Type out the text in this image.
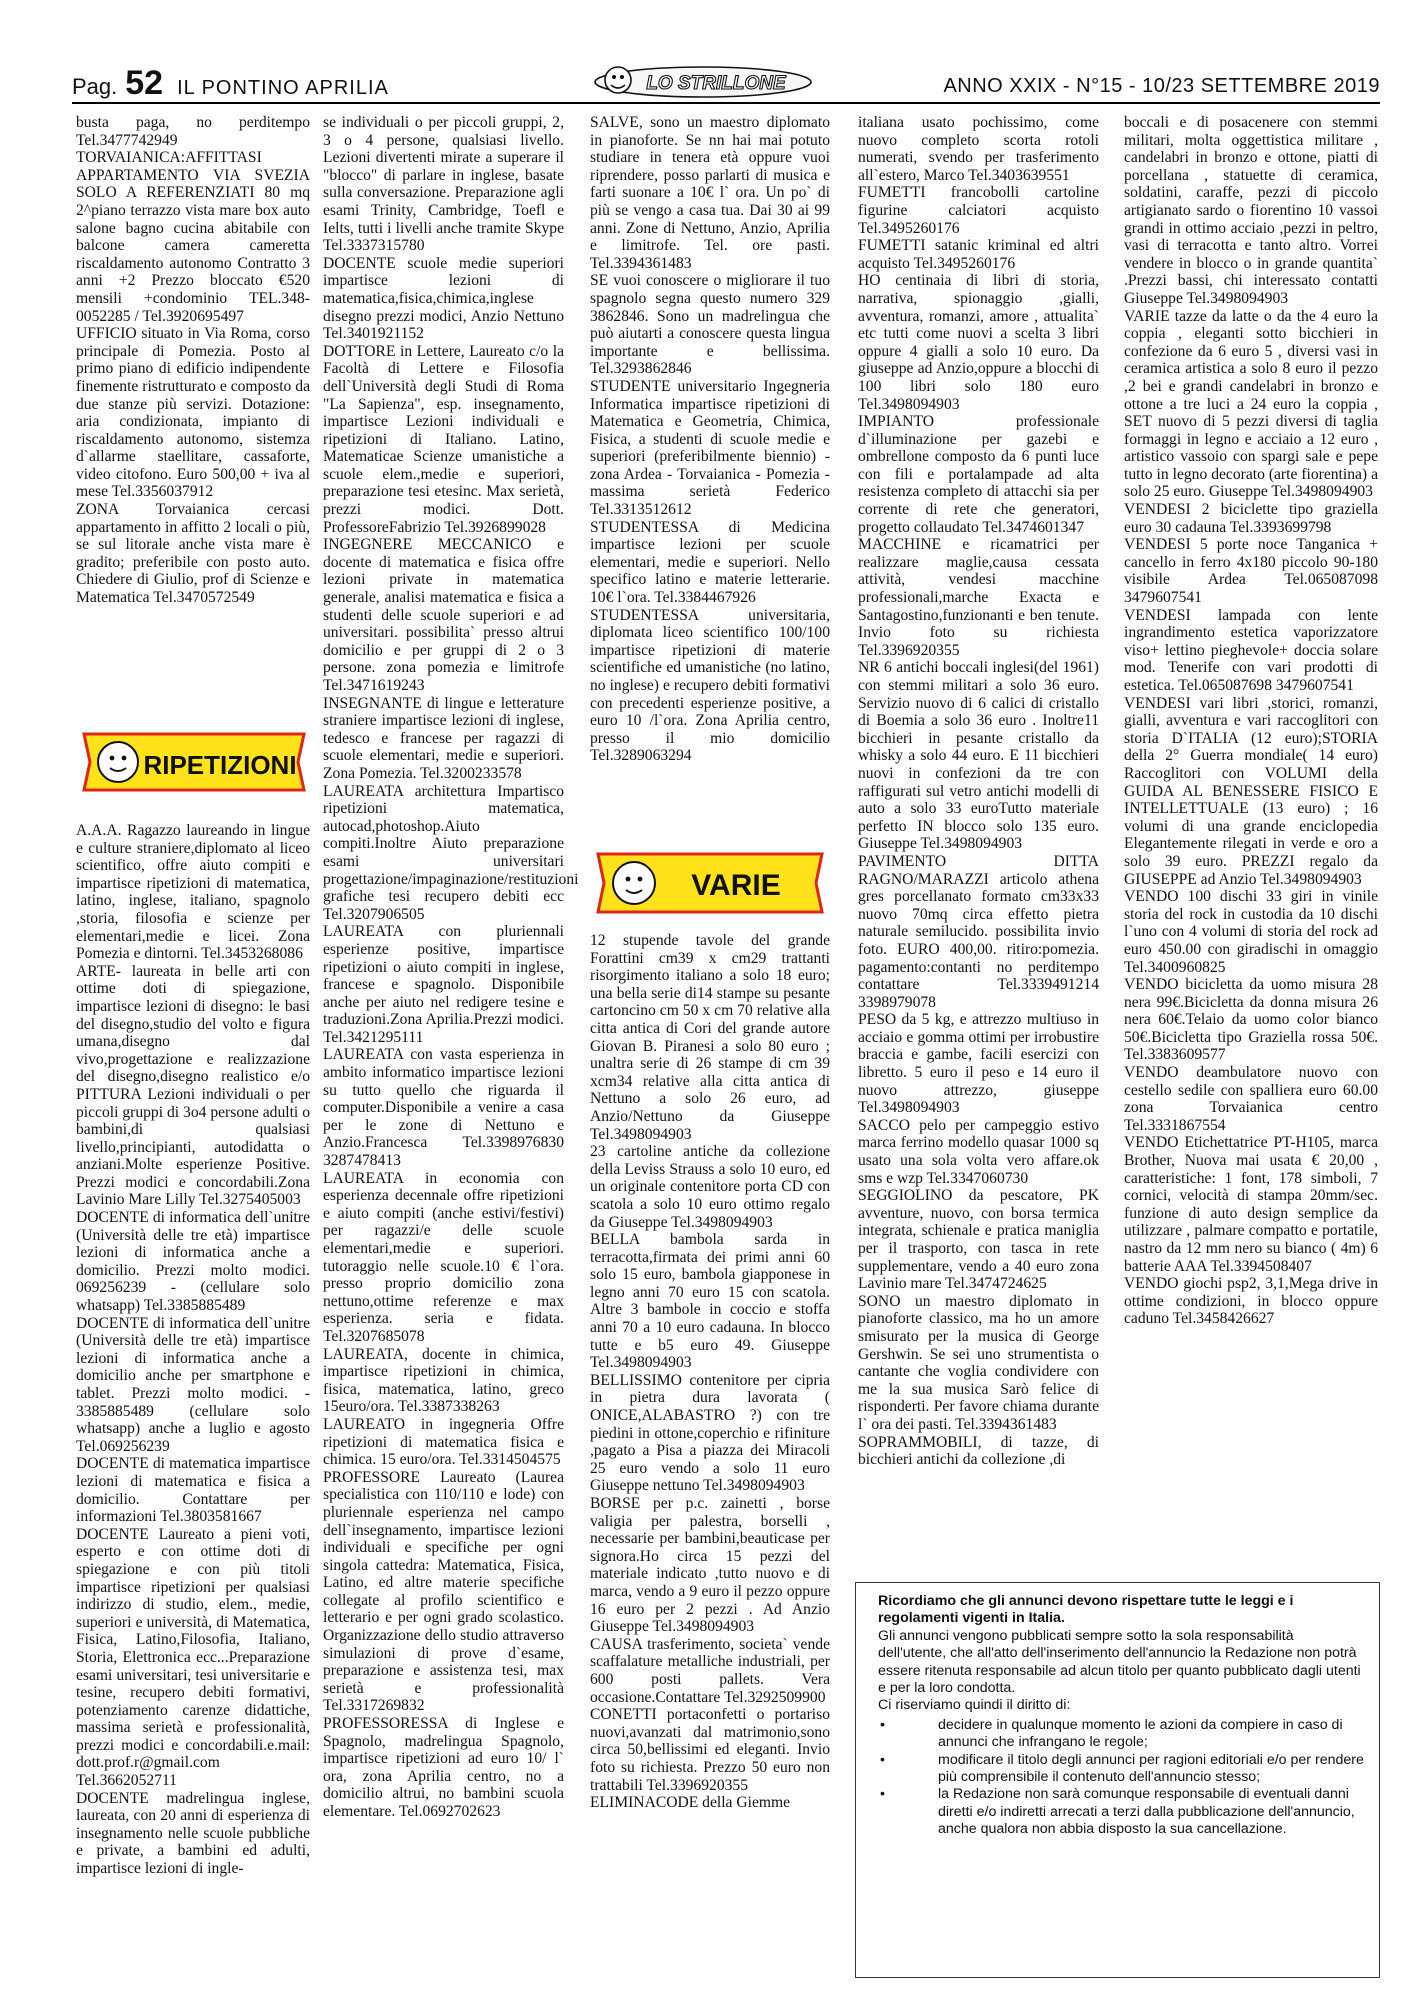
Pag. 52 IL PONTINO APRILIA	ANNO XXIX - N°15 - 10/23 SETTEMBRE 2019
LO STRILLONE

busta paga, no perditempo Tel.3477742949

TORVAIANICA:AFFITTASI APPARTAMENTO VIA SVEZIA SOLO A REFERENZIATI 80 mq 2^piano terrazzo vista mare box auto salone bagno cucina abitabile con balcone camera cameretta riscaldamento autonomo Contratto 3 anni +2 Prezzo bloccato €520 mensili +condominio TEL.348-0052285 / Tel.3920695497

UFFICIO situato in Via Roma, corso principale di Pomezia. Posto al primo piano di edificio indipendente finemente ristrutturato e composto da due stanze più servizi. Dotazione: aria condizionata, impianto di riscaldamento autonomo, sistemza d`allarme staellitare, cassaforte, video citofono. Euro 500,00 + iva al mese Tel.3356037912

ZONA Torvaianica cercasi appartamento in affitto 2 locali o più, se sul litorale anche vista mare è gradito; preferibile con posto auto. Chiedere di Giulio, prof di Scienze e Matematica Tel.3470572549

RIPETIZIONI

A.A.A. Ragazzo laureando in lingue e culture straniere,diplomato al liceo scientifico, offre aiuto compiti e impartisce ripetizioni di matematica, latino, inglese, italiano, spagnolo ,storia, filosofia e scienze per elementari,medie e licei. Zona Pomezia e dintorni. Tel.3453268086

ARTE- laureata in belle arti con ottime doti di spiegazione, impartisce lezioni di disegno: le basi del disegno,studio del volto e figura umana,disegno dal vivo,progettazione e realizzazione del disegno,disegno realistico e/o PITTURA Lezioni individuali o per piccoli gruppi di 3o4 persone adulti o bambini,di qualsiasi livello,principianti, autodidatta o anziani.Molte esperienze Positive. Prezzi modici e concordabili.Zona Lavinio Mare Lilly Tel.3275405003

DOCENTE di informatica dell`unitre (Università delle tre età) impartisce lezioni di informatica anche a domicilio. Prezzi molto modici. 069256239 - (cellulare solo whatsapp) Tel.3385885489

DOCENTE di informatica dell`unitre (Università delle tre età) impartisce lezioni di informatica anche a domicilio anche per smartphone e tablet. Prezzi molto modici. - 3385885489 (cellulare solo whatsapp) anche a luglio e agosto Tel.069256239

DOCENTE di matematica impartisce lezioni di matematica e fisica a domicilio. Contattare per informazioni Tel.3803581667

DOCENTE Laureato a pieni voti, esperto e con ottime doti di spiegazione e con più titoli impartisce ripetizioni per qualsiasi indirizzo di studio, elem., medie, superiori e università, di Matematica, Fisica, Latino,Filosofia, Italiano, Storia, Elettronica ecc...Preparazione esami universitari, tesi universitarie e tesine, recupero debiti formativi, potenziamento carenze didattiche, massima serietà e professionalità, prezzi modici e concordabili.e.mail: dott.prof.r@gmail.com Tel.3662052711

DOCENTE madrelingua inglese, laureata, con 20 anni di esperienza di insegnamento nelle scuole pubbliche e private, a bambini ed adulti, impartisce lezioni di ingle-

se individuali o per piccoli gruppi, 2, 3 o 4 persone, qualsiasi livello. Lezioni divertenti mirate a superare il "blocco" di parlare in inglese, basate sulla conversazione. Preparazione agli esami Trinity, Cambridge, Toefl e Ielts, tutti i livelli anche tramite Skype Tel.3337315780

DOCENTE scuole medie superiori impartisce lezioni di matematica,fisica,chimica,inglese disegno prezzi modici, Anzio Nettuno Tel.3401921152

DOTTORE in Lettere, Laureato c/o la Facoltà di Lettere e Filosofia dell`Università degli Studi di Roma "La Sapienza", esp. insegnamento, impartisce Lezioni individuali e ripetizioni di Italiano. Latino, Matematicae Scienze umanistiche a scuole elem.,medie e superiori, preparazione tesi etesinc. Max serietà, prezzi modici. Dott. ProfessoreFabrizio Tel.3926899028

INGEGNERE MECCANICO e docente di matematica e fisica offre lezioni private in matematica generale, analisi matematica e fisica a studenti delle scuole superiori e ad universitari. possibilita` presso altrui domicilio e per gruppi di 2 o 3 persone. zona pomezia e limitrofe Tel.3471619243

INSEGNANTE di lingue e letterature straniere impartisce lezioni di inglese, tedesco e francese per ragazzi di scuole elementari, medie e superiori. Zona Pomezia. Tel.3200233578

LAUREATA architettura Impartisco ripetizioni matematica, autocad,photoshop.Aiuto compiti.Inoltre Aiuto preparazione esami universitari progettazione/impaginazione/restituzioni grafiche tesi recupero debiti ecc Tel.3207906505

LAUREATA con pluriennali esperienze positive, impartisce ripetizioni o aiuto compiti in inglese, francese e spagnolo. Disponibile anche per aiuto nel redigere tesine e traduzioni.Zona Aprilia.Prezzi modici. Tel.3421295111

LAUREATA con vasta esperienza in ambito informatico impartisce lezioni su tutto quello che riguarda il computer.Disponibile a venire a casa per le zone di Nettuno e Anzio.Francesca Tel.3398976830 3287478413

LAUREATA in economia con esperienza decennale offre ripetizioni e aiuto compiti (anche estivi/festivi) per ragazzi/e delle scuole elementari,medie e superiori. tutoraggio nelle scuole.10 € l`ora. presso proprio domicilio zona nettuno,ottime referenze e max esperienza. seria e fidata. Tel.3207685078

LAUREATA, docente in chimica, impartisce ripetizioni in chimica, fisica, matematica, latino, greco 15euro/ora. Tel.3387338263

LAUREATO in ingegneria Offre ripetizioni di matematica fisica e chimica. 15 euro/ora. Tel.3314504575

PROFESSORE Laureato (Laurea specialistica con 110/110 e lode) con pluriennale esperienza nel campo dell`insegnamento, impartisce lezioni individuali e specifiche per ogni singola cattedra: Matematica, Fisica, Latino, ed altre materie specifiche collegate al profilo scientifico e letterario e per ogni grado scolastico. Organizzazione dello studio attraverso simulazioni di prove d`esame, preparazione e assistenza tesi, max serietà e professionalità Tel.3317269832

PROFESSORESSA di Inglese e Spagnolo, madrelingua Spagnolo, impartisce ripetizioni ad euro 10/ l` ora, zona Aprilia centro, no a domicilio altrui, no bambini scuola elementare. Tel.0692702623

SALVE, sono un maestro diplomato in pianoforte. Se nn hai mai potuto studiare in tenera età oppure vuoi riprendere, posso parlarti di musica e farti suonare a 10€ l` ora. Un po` di più se vengo a casa tua. Dai 30 ai 99 anni. Zone di Nettuno, Anzio, Aprilia e limitrofe. Tel. ore pasti. Tel.3394361483

SE vuoi conoscere o migliorare il tuo spagnolo segna questo numero 329 3862846. Sono un madrelingua che può aiutarti a conoscere questa lingua importante e bellissima. Tel.3293862846

STUDENTE universitario Ingegneria Informatica impartisce ripetizioni di Matematica e Geometria, Chimica, Fisica, a studenti di scuole medie e superiori (preferibilmente biennio) - zona Ardea - Torvaianica - Pomezia - massima serietà Federico Tel.3313512612

STUDENTESSA di Medicina impartisce lezioni per scuole elementari, medie e superiori. Nello specifico latino e materie letterarie. 10€ l`ora. Tel.3384467926

STUDENTESSA universitaria, diplomata liceo scientifico 100/100 impartisce ripetizioni di materie scientifiche ed umanistiche (no latino, no inglese) e recupero debiti formativi con precedenti esperienze positive, a euro 10 /l`ora. Zona Aprilia centro, presso il mio domicilio Tel.3289063294

VARIE

12 stupende tavole del grande Forattini cm39 x cm29 trattanti risorgimento italiano a solo 18 euro; una bella serie di14 stampe su pesante cartoncino cm 50 x cm 70 relative alla citta antica di Cori del grande autore Giovan B. Piranesi a solo 80 euro ; unaltra serie di 26 stampe di cm 39 xcm34 relative alla citta antica di Nettuno a solo 26 euro, ad Anzio/Nettuno da Giuseppe Tel.3498094903

23 cartoline antiche da collezione della Leviss Strauss a solo 10 euro, ed un originale contenitore porta CD con scatola a solo 10 euro ottimo regalo da Giuseppe Tel.3498094903

BELLA bambola sarda in terracotta,firmata dei primi anni 60 solo 15 euro, bambola giapponese in legno anni 70 euro 15 con scatola. Altre 3 bambole in coccio e stoffa anni 70 a 10 euro cadauna. In blocco tutte e b5 euro 49. Giuseppe Tel.3498094903

BELLISSIMO contenitore per cipria in pietra dura lavorata ( ONICE,ALABASTRO ?) con tre piedini in ottone,coperchio e rifiniture ,pagato a Pisa a piazza dei Miracoli 25 euro vendo a solo 11 euro Giuseppe nettuno Tel.3498094903

BORSE per p.c. zainetti , borse valigia per palestra, borselli , necessarie per bambini,beauticase per signora.Ho circa 15 pezzi del materiale indicato ,tutto nuovo e di marca, vendo a 9 euro il pezzo oppure 16 euro per 2 pezzi . Ad Anzio Giuseppe Tel.3498094903

CAUSA trasferimento, societa` vende scaffalature metalliche industriali, per 600 posti pallets. Vera occasione.Contattare Tel.3292509900

CONETTI portaconfetti o portariso nuovi,avanzati dal matrimonio,sono circa 50,bellissimi ed eleganti. Invio foto su richiesta. Prezzo 50 euro non trattabili Tel.3396920355

ELIMINACODE della Giemme

italiana usato pochissimo, come nuovo completo scorta rotoli numerati, svendo per trasferimento all`estero, Marco Tel.3403639551

FUMETTI francobolli cartoline figurine calciatori acquisto Tel.3495260176

FUMETTI satanic kriminal ed altri acquisto Tel.3495260176

HO centinaia di libri di storia, narrativa, spionaggio ,gialli, avventura, romanzi, amore , attualita` etc tutti come nuovi a scelta 3 libri oppure 4 gialli a solo 10 euro. Da giuseppe ad Anzio,oppure a blocchi di 100 libri solo 180 euro Tel.3498094903

IMPIANTO professionale d`illuminazione per gazebi e ombrellone composto da 6 punti luce con fili e portalampade ad alta resistenza completo di attacchi sia per corrente di rete che generatori, progetto collaudato Tel.3474601347

MACCHINE e ricamatrici per realizzare maglie,causa cessata attività, vendesi macchine professionali,marche Exacta e Santagostino,funzionanti e ben tenute. Invio foto su richiesta Tel.3396920355

NR 6 antichi boccali inglesi(del 1961) con stemmi militari a solo 36 euro. Servizio nuovo di 6 calici di cristallo di Boemia a solo 36 euro . Inoltre11 bicchieri in pesante cristallo da whisky a solo 44 euro. E 11 bicchieri nuovi in confezioni da tre con raffigurati sul vetro antichi modelli di auto a solo 33 euroTutto materiale perfetto IN blocco solo 135 euro. Giuseppe Tel.3498094903

PAVIMENTO DITTA RAGNO/MARAZZI articolo athena gres porcellanato formato cm33x33 nuovo 70mq circa effetto pietra naturale semilucido. possibilita invio foto. EURO 400,00. ritiro:pomezia. pagamento:contanti no perditempo contattare Tel.3339491214 3398979078

PESO da 5 kg, e attrezzo multiuso in acciaio e gomma ottimi per irrobustire braccia e gambe, facili esercizi con libretto. 5 euro il peso e 14 euro il nuovo attrezzo, giuseppe Tel.3498094903

SACCO pelo per campeggio estivo marca ferrino modello quasar 1000 sq usato una sola volta vero affare.ok sms e wzp Tel.3347060730

SEGGIOLINO da pescatore, PK avventure, nuovo, con borsa termica integrata, schienale e pratica maniglia per il trasporto, con tasca in rete supplementare, vendo a 40 euro zona Lavinio mare Tel.3474724625

SONO un maestro diplomato in pianoforte classico, ma ho un amore smisurato per la musica di George Gershwin. Se sei uno strumentista o cantante che voglia condividere con me la sua musica Sarò felice di risponderti. Per favore chiama durante l` ora dei pasti. Tel.3394361483

SOPRAMMOBILI, di tazze, di bicchieri antichi da collezione ,di

boccali e di posacenere con stemmi militari, molta oggettistica militare , candelabri in bronzo e ottone, piatti di porcellana , statuette di ceramica, soldatini, caraffe, pezzi di piccolo artigianato sardo o fiorentino 10 vassoi grandi in ottimo acciaio ,pezzi in peltro, vasi di terracotta e tanto altro. Vorrei vendere in blocco o in grande quantita` .Prezzi bassi, chi interessato contatti Giuseppe Tel.3498094903

VARIE tazze da latte o da the 4 euro la coppia , eleganti sotto bicchieri in confezione da 6 euro 5 , diversi vasi in ceramica artistica a solo 8 euro il pezzo ,2 bei e grandi candelabri in bronzo e ottone a tre luci a 24 euro la coppia , SET nuovo di 5 pezzi diversi di taglia formaggi in legno e acciaio a 12 euro , artistico vassoio con spargi sale e pepe tutto in legno decorato (arte fiorentina) a solo 25 euro. Giuseppe Tel.3498094903

VENDESI 2 biciclette tipo graziella euro 30 cadauna Tel.3393699798

VENDESI 5 porte noce Tanganica + cancello in ferro 4x180 piccolo 90-180 visibile Ardea Tel.065087098 3479607541

VENDESI lampada con lente ingrandimento estetica vaporizzatore viso+ lettino pieghevole+ doccia solare mod. Tenerife con vari prodotti di estetica. Tel.065087698 3479607541

VENDESI vari libri ,storici, romanzi, gialli, avventura e vari raccoglitori con storia D`ITALIA (12 euro);STORIA della 2° Guerra mondiale( 14 euro) Raccoglitori con VOLUMI della GUIDA AL BENESSERE FISICO E INTELLETTUALE (13 euro) ; 16 volumi di una grande enciclopedia Elegantemente rilegati in verde e oro a solo 39 euro. PREZZI regalo da GIUSEPPE ad Anzio Tel.3498094903

VENDO 100 dischi 33 giri in vinile storia del rock in custodia da 10 dischi l`uno con 4 volumi di storia del rock ad euro 450.00 con giradischi in omaggio Tel.3400960825

VENDO bicicletta da uomo misura 28 nera 99€.Bicicletta da donna misura 26 nera 60€.Telaio da uomo color bianco 50€.Bicicletta tipo Graziella rossa 50€. Tel.3383609577

VENDO deambulatore nuovo con cestello sedile con spalliera euro 60.00 zona Torvaianica centro Tel.3331867554

VENDO Etichettatrice PT-H105, marca Brother, Nuova mai usata € 20,00 , caratteristiche: 1 font, 178 simboli, 7 cornici, velocità di stampa 20mm/sec. funzione di auto design semplice da utilizzare , palmare compatto e portatile, nastro da 12 mm nero su bianco ( 4m) 6 batterie AAA Tel.3394508407

VENDO giochi psp2, 3,1,Mega drive in ottime condizioni, in blocco oppure caduno Tel.3458426627

Ricordiamo che gli annunci devono rispettare tutte le leggi e i regolamenti vigenti in Italia.
Gli annunci vengono pubblicati sempre sotto la sola responsabilità dell'utente, che all'atto dell'inserimento dell'annuncio la Redazione non potrà essere ritenuta responsabile ad alcun titolo per quanto pubblicato dagli utenti e per la loro condotta.
Ci riserviamo quindi il diritto di:
• decidere in qualunque momento le azioni da compiere in caso di annunci che infrangano le regole;
• modificare il titolo degli annunci per ragioni editoriali e/o per rendere più comprensibile il contenuto dell'annuncio stesso;
• la Redazione non sarà comunque responsabile di eventuali danni diretti e/o indiretti arrecati a terzi dalla pubblicazione dell'annuncio, anche qualora non abbia disposto la sua cancellazione.
